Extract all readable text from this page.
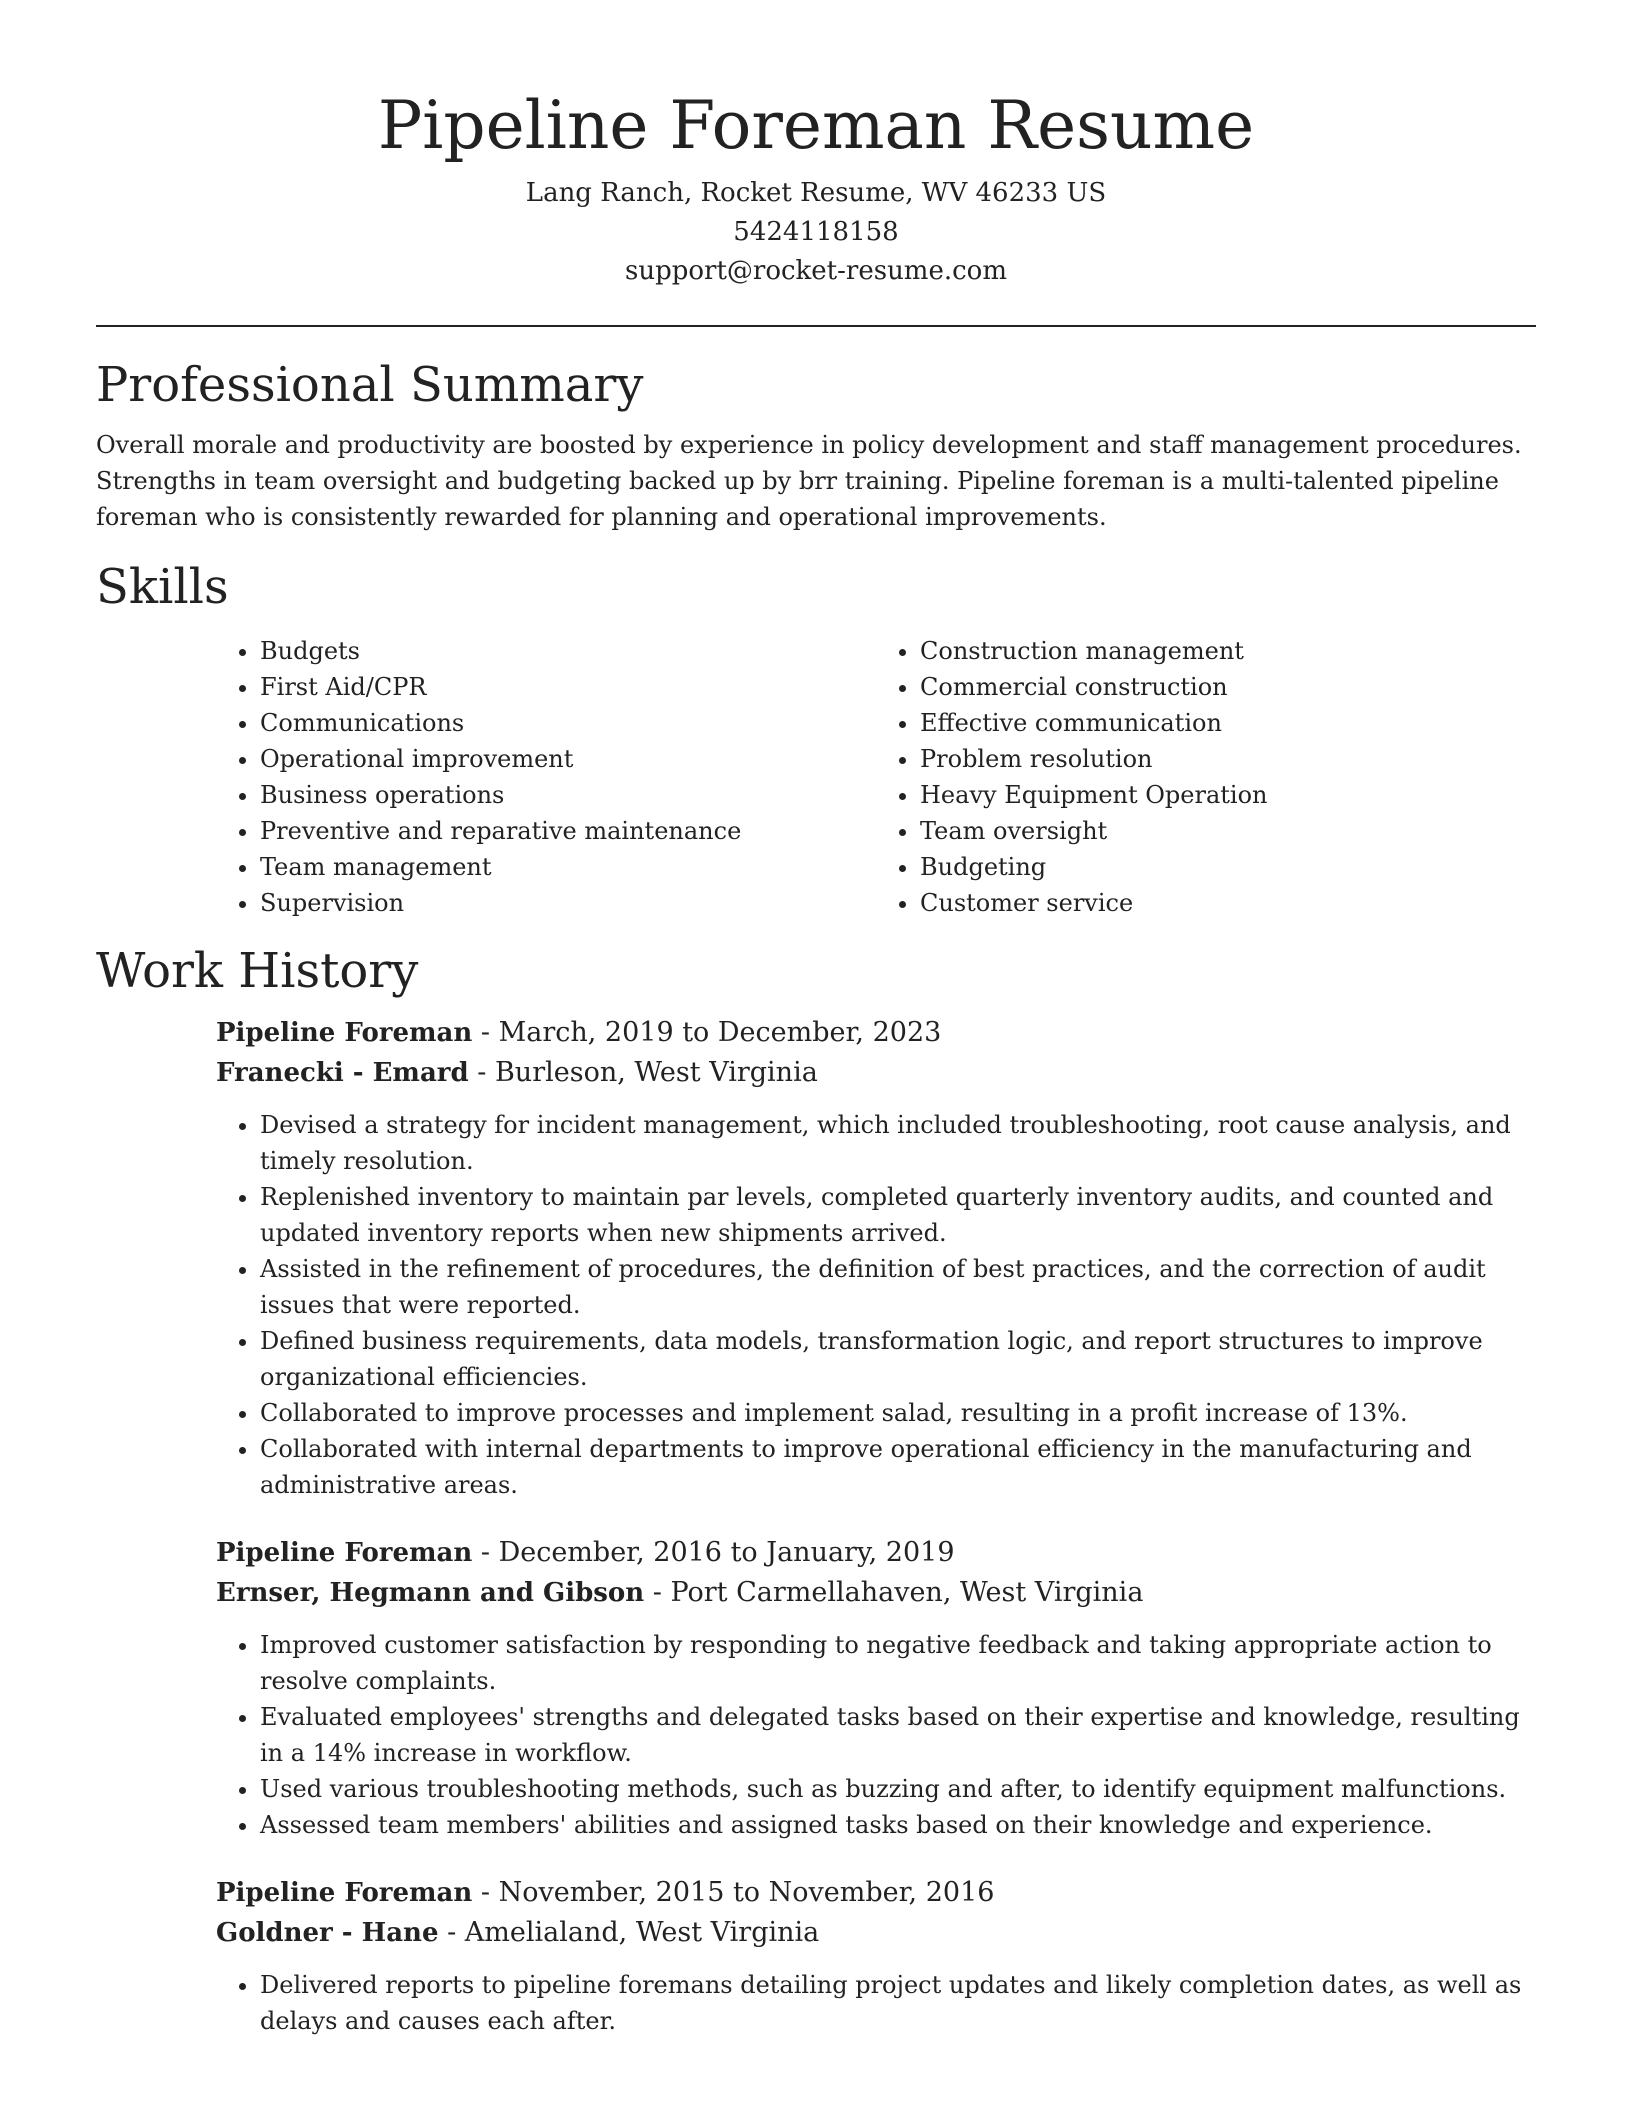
Pipeline Foreman Resume

Lang Ranch, Rocket Resume, WV 46233 US

5424118158

support@rocket-resume.com

Professional Summary

Overall morale and productivity are boosted by experience in policy development and staff management procedures. Strengths in team oversight and budgeting backed up by brr training. Pipeline foreman is a multi-talented pipeline foreman who is consistently rewarded for planning and operational improvements.

Skills
• Budgets
• First Aid/CPR
• Communications
• Operational improvement
• Business operations
• Preventive and reparative maintenance
• Team management
• Supervision
• Construction management
• Commercial construction
• Effective communication
• Problem resolution
• Heavy Equipment Operation
• Team oversight
• Budgeting
• Customer service
Work History

Pipeline Foreman - March, 2019 to December, 2023

Franecki - Emard - Burleson, West Virginia

• Devised a strategy for incident management, which included troubleshooting, root cause analysis, and timely resolution.
• Replenished inventory to maintain par levels, completed quarterly inventory audits, and counted and updated inventory reports when new shipments arrived.
• Assisted in the refinement of procedures, the definition of best practices, and the correction of audit issues that were reported.
• Defined business requirements, data models, transformation logic, and report structures to improve organizational efficiencies.
• Collaborated to improve processes and implement salad, resulting in a profit increase of 13%.
• Collaborated with internal departments to improve operational efficiency in the manufacturing and administrative areas.

Pipeline Foreman - December, 2016 to January, 2019

Ernser, Hegmann and Gibson - Port Carmellahaven, West Virginia

• Improved customer satisfaction by responding to negative feedback and taking appropriate action to resolve complaints.
• Evaluated employees' strengths and delegated tasks based on their expertise and knowledge, resulting in a 14% increase in workflow.
• Used various troubleshooting methods, such as buzzing and after, to identify equipment malfunctions.
• Assessed team members' abilities and assigned tasks based on their knowledge and experience.

Pipeline Foreman - November, 2015 to November, 2016

Goldner - Hane - Amelialand, West Virginia

• Delivered reports to pipeline foremans detailing project updates and likely completion dates, as well as delays and causes each after.
